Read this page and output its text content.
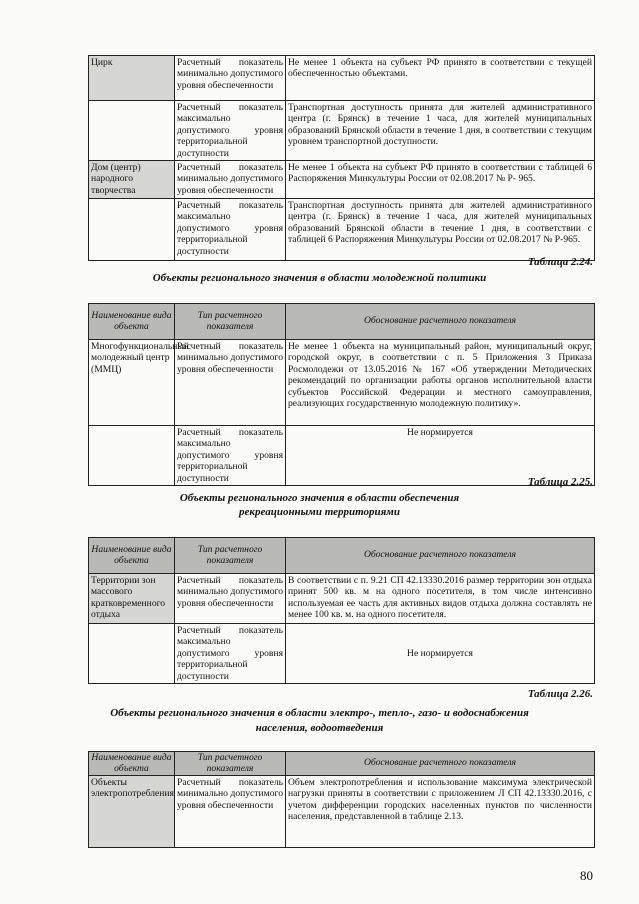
Цирк	Расчетный показатель минимально допустимого уровня обеспеченности	Не менее 1 объекта на субъект РФ принято в соответствии с текущей обеспеченностью объектами.
	Расчетный показатель максимально допустимого уровня территориальной доступности	Транспортная доступность принята для жителей административного центра (г. Брянск) в течение 1 часа, для жителей муниципальных образований Брянской области в течение 1 дня, в соответствии с текущим уровнем транспортной доступности.
Дом (центр) народного творчества	Расчетный показатель минимально допустимого уровня обеспеченности	Не менее 1 объекта на субъект РФ принято в соответствии с таблицей 6 Распоряжения Минкультуры России от 02.08.2017 № Р- 965.
	Расчетный показатель максимально допустимого уровня территориальной доступности	Транспортная доступность принята для жителей административного центра (г. Брянск) в течение 1 часа, для жителей муниципальных образований Брянской области в течение 1 дня, в соответствии с таблицей 6 Распоряжения Минкультуры России от 02.08.2017 № Р-965.
Таблица 2.24.
Объекты регионального значения в области молодежной политики
Наименование вида объекта	Тип расчетного показателя	Обоснование расчетного показателя
Многофункциональный молодежный центр (ММЦ)	Расчетный показатель минимально допустимого уровня обеспеченности	Не менее 1 объекта на муниципальный район, муниципальный округ, городской округ, в соответствии с п. 5 Приложения 3 Приказа Росмолодежи от 13.05.2016 № 167 «Об утверждении Методических рекомендаций по организации работы органов исполнительной власти субъектов Российской Федерации и местного самоуправления, реализующих государственную молодежную политику».
	Расчетный показатель максимально допустимого уровня территориальной доступности	Не нормируется
Таблица 2.25.
Объекты регионального значения в области обеспечения
рекреационными территориями
Наименование вида объекта	Тип расчетного показателя	Обоснование расчетного показателя
Территории зон массового кратковременного отдыха	Расчетный показатель минимально допустимого уровня обеспеченности	В соответствии с п. 9.21 СП 42.13330.2016 размер территории зон отдыха принят 500 кв. м на одного посетителя, в том числе интенсивно используемая ее часть для активных видов отдыха должна составлять не менее 100 кв. м. на одного посетителя.
	Расчетный показатель максимально допустимого уровня территориальной доступности	Не нормируется
Таблица 2.26.
Объекты регионального значения в области электро-, тепло-, газо- и водоснабжения
населения, водоотведения
Наименование вида объекта	Тип расчетного показателя	Обоснование расчетного показателя
Объекты электропотребления	Расчетный показатель минимально допустимого уровня обеспеченности	Объем электропотребления и использование максимума электрической нагрузки приняты в соответствии с приложением Л СП 42.13330.2016, с учетом дифференции городских населенных пунктов по численности населения, представленной в таблице 2.13.
80
